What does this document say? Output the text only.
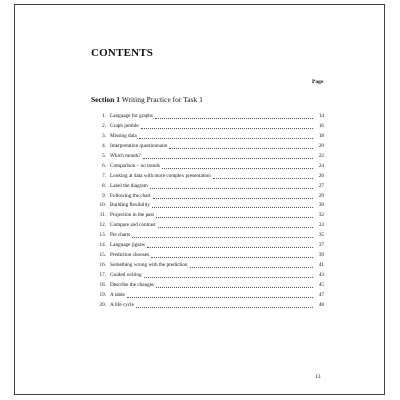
CONTENTS
Page
Section 1 Writing Practice for Task 1
1. Language for graphs	14
2. Graph jumble	16
3. Missing data	18
4. Interpretation questionnaire	20
5. Which month?	22
6. Comparison – no trends	24
7. Looking at data with more complex presentation	26
8. Label the diagram	27
9. Following the chart	29
10. Building flexibility	30
11. Projection in the past	32
12. Compare and contrast	33
13. Pie charts	35
14. Language jigsaw	37
15. Prediction chooses	39
16. Something wrong with the prediction	41
17. Guided writing	43
18. Describe the changes	45
19. A table	47
20. A life cycle	48
13
